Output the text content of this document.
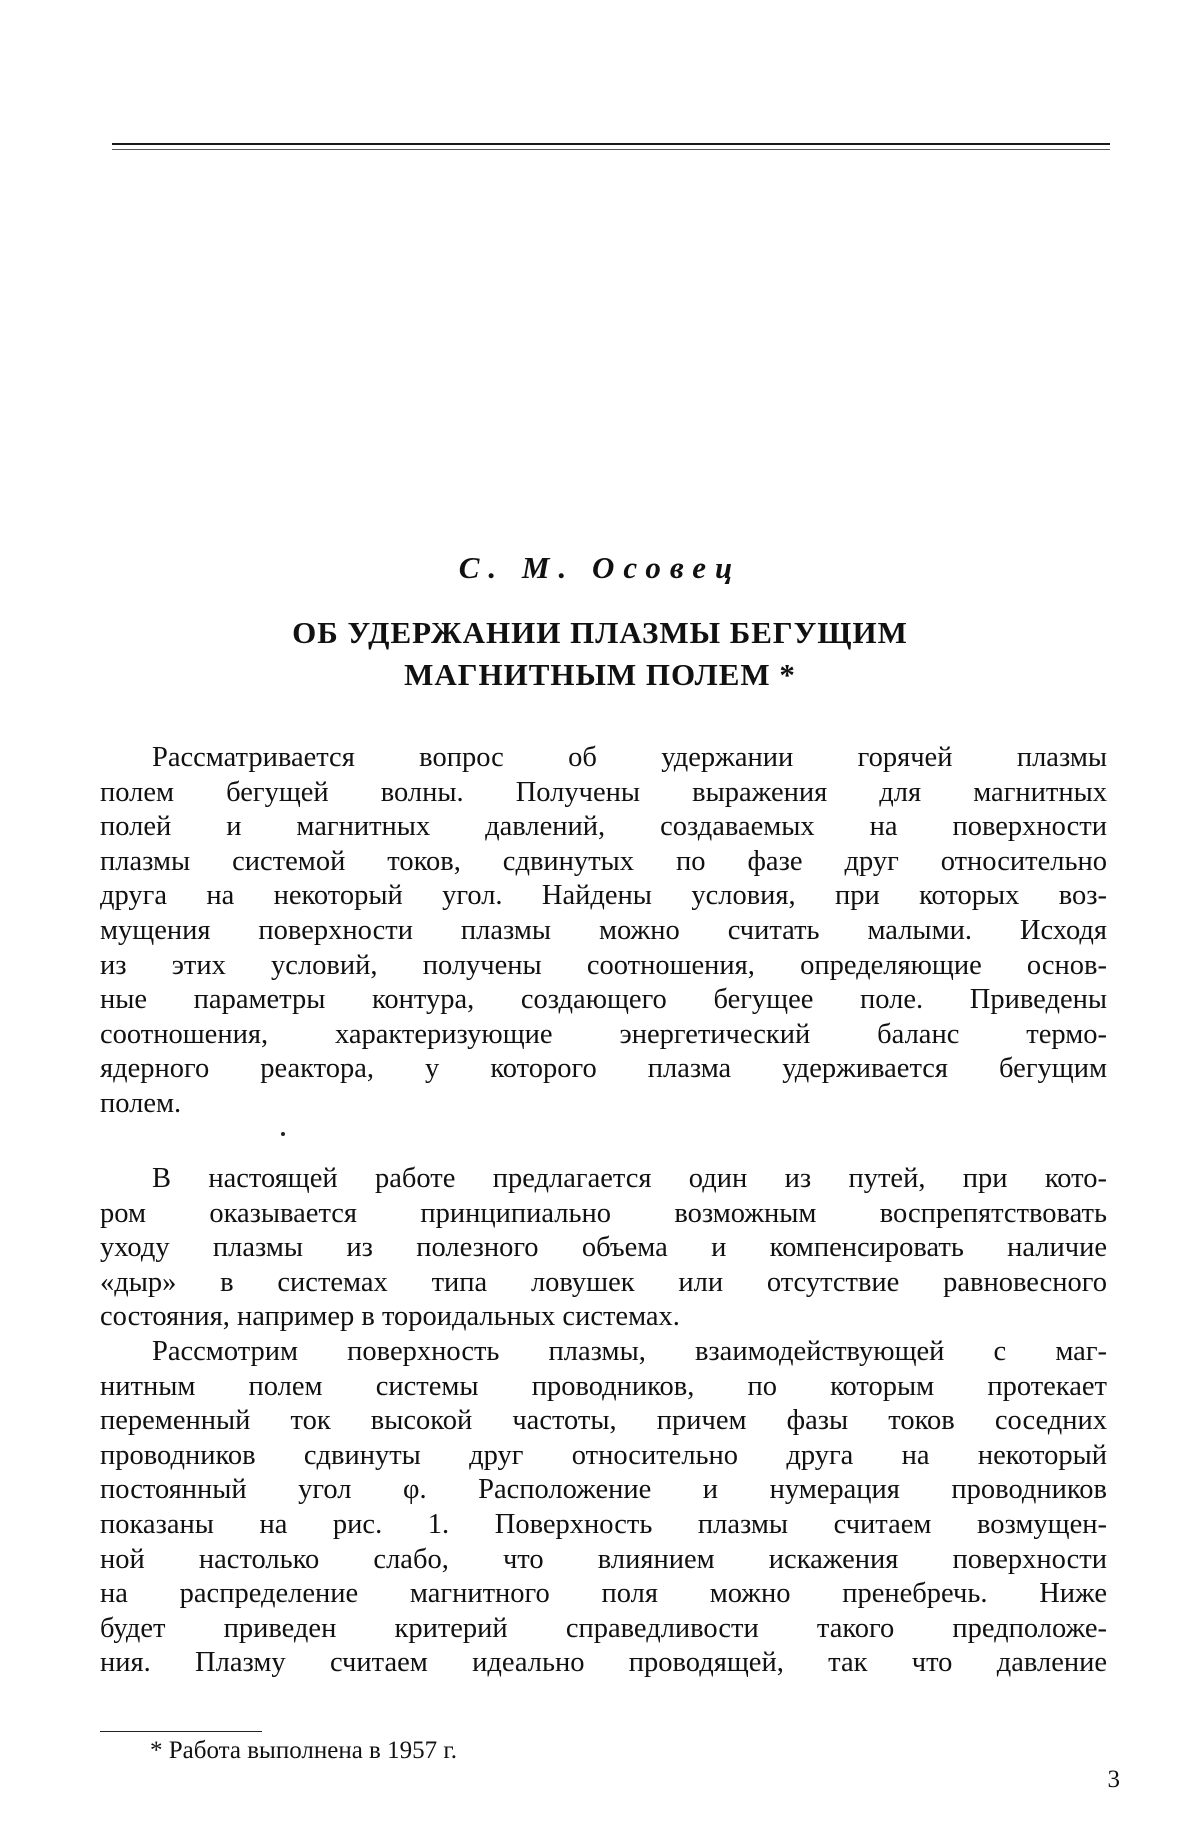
С. М. Осовец
ОБ УДЕРЖАНИИ ПЛАЗМЫ БЕГУЩИМ
МАГНИТНЫМ ПОЛЕМ *
Рассматривается вопрос об удержании горячей плазмы
полем бегущей волны. Получены выражения для магнитных
полей и магнитных давлений, создаваемых на поверхности
плазмы системой токов, сдвинутых по фазе друг относительно
друга на некоторый угол. Найдены условия, при которых воз-
мущения поверхности плазмы можно считать малыми. Исходя
из этих условий, получены соотношения, определяющие основ-
ные параметры контура, создающего бегущее поле. Приведены
соотношения, характеризующие энергетический баланс термо-
ядерного реактора, у которого плазма удерживается бегущим
полем.
В настоящей работе предлагается один из путей, при кото-
ром оказывается принципиально возможным воспрепятствовать
уходу плазмы из полезного объема и компенсировать наличие
«дыр» в системах типа ловушек или отсутствие равновесного
состояния, например в тороидальных системах.
Рассмотрим поверхность плазмы, взаимодействующей с маг-
нитным полем системы проводников, по которым протекает
переменный ток высокой частоты, причем фазы токов соседних
проводников сдвинуты друг относительно друга на некоторый
постоянный угол φ. Расположение и нумерация проводников
показаны на рис. 1. Поверхность плазмы считаем возмущен-
ной настолько слабо, что влиянием искажения поверхности
на распределение магнитного поля можно пренебречь. Ниже
будет приведен критерий справедливости такого предположе-
ния. Плазму считаем идеально проводящей, так что давление
* Работа выполнена в 1957 г.
3
